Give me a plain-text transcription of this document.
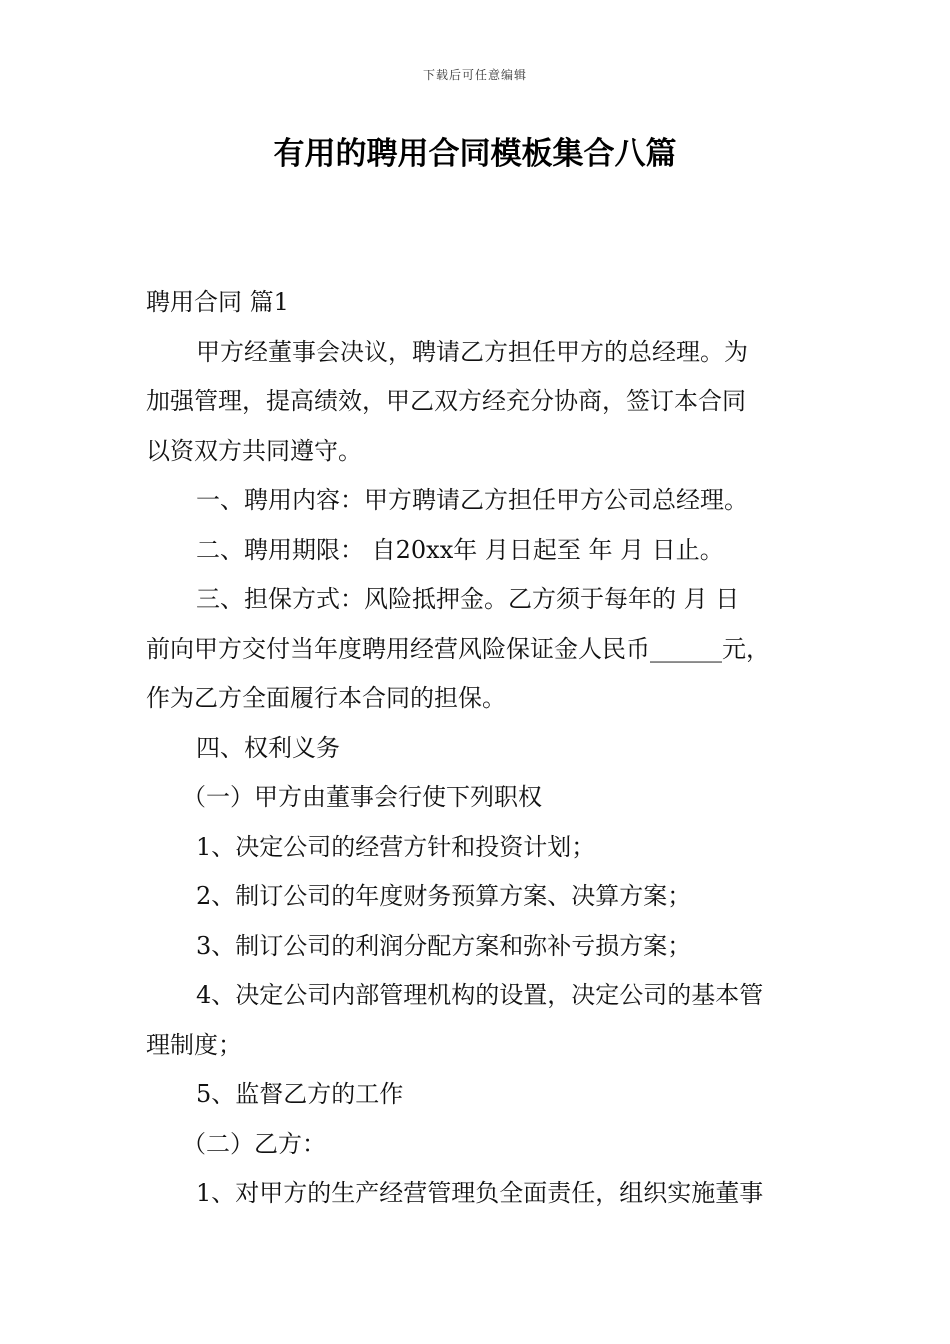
下载后可任意编辑
有用的聘用合同模板集合八篇

聘用合同 篇1

甲方经董事会决议，聘请乙方担任甲方的总经理。为

加强管理，提高绩效，甲乙双方经充分协商，签订本合同

以资双方共同遵守。

一、聘用内容：甲方聘请乙方担任甲方公司总经理。

二、聘用期限： 自20xx年 月日起至 年 月 日止。

三、担保方式：风险抵押金。乙方须于每年的 月 日

前向甲方交付当年度聘用经营风险保证金人民币______元，

作为乙方全面履行本合同的担保。

四、权利义务

（一）甲方由董事会行使下列职权

1、决定公司的经营方针和投资计划；

2、制订公司的年度财务预算方案、决算方案；

3、制订公司的利润分配方案和弥补亏损方案；

4、决定公司内部管理机构的设置，决定公司的基本管

理制度；

5、监督乙方的工作

（二）乙方：

1、对甲方的生产经营管理负全面责任，组织实施董事
